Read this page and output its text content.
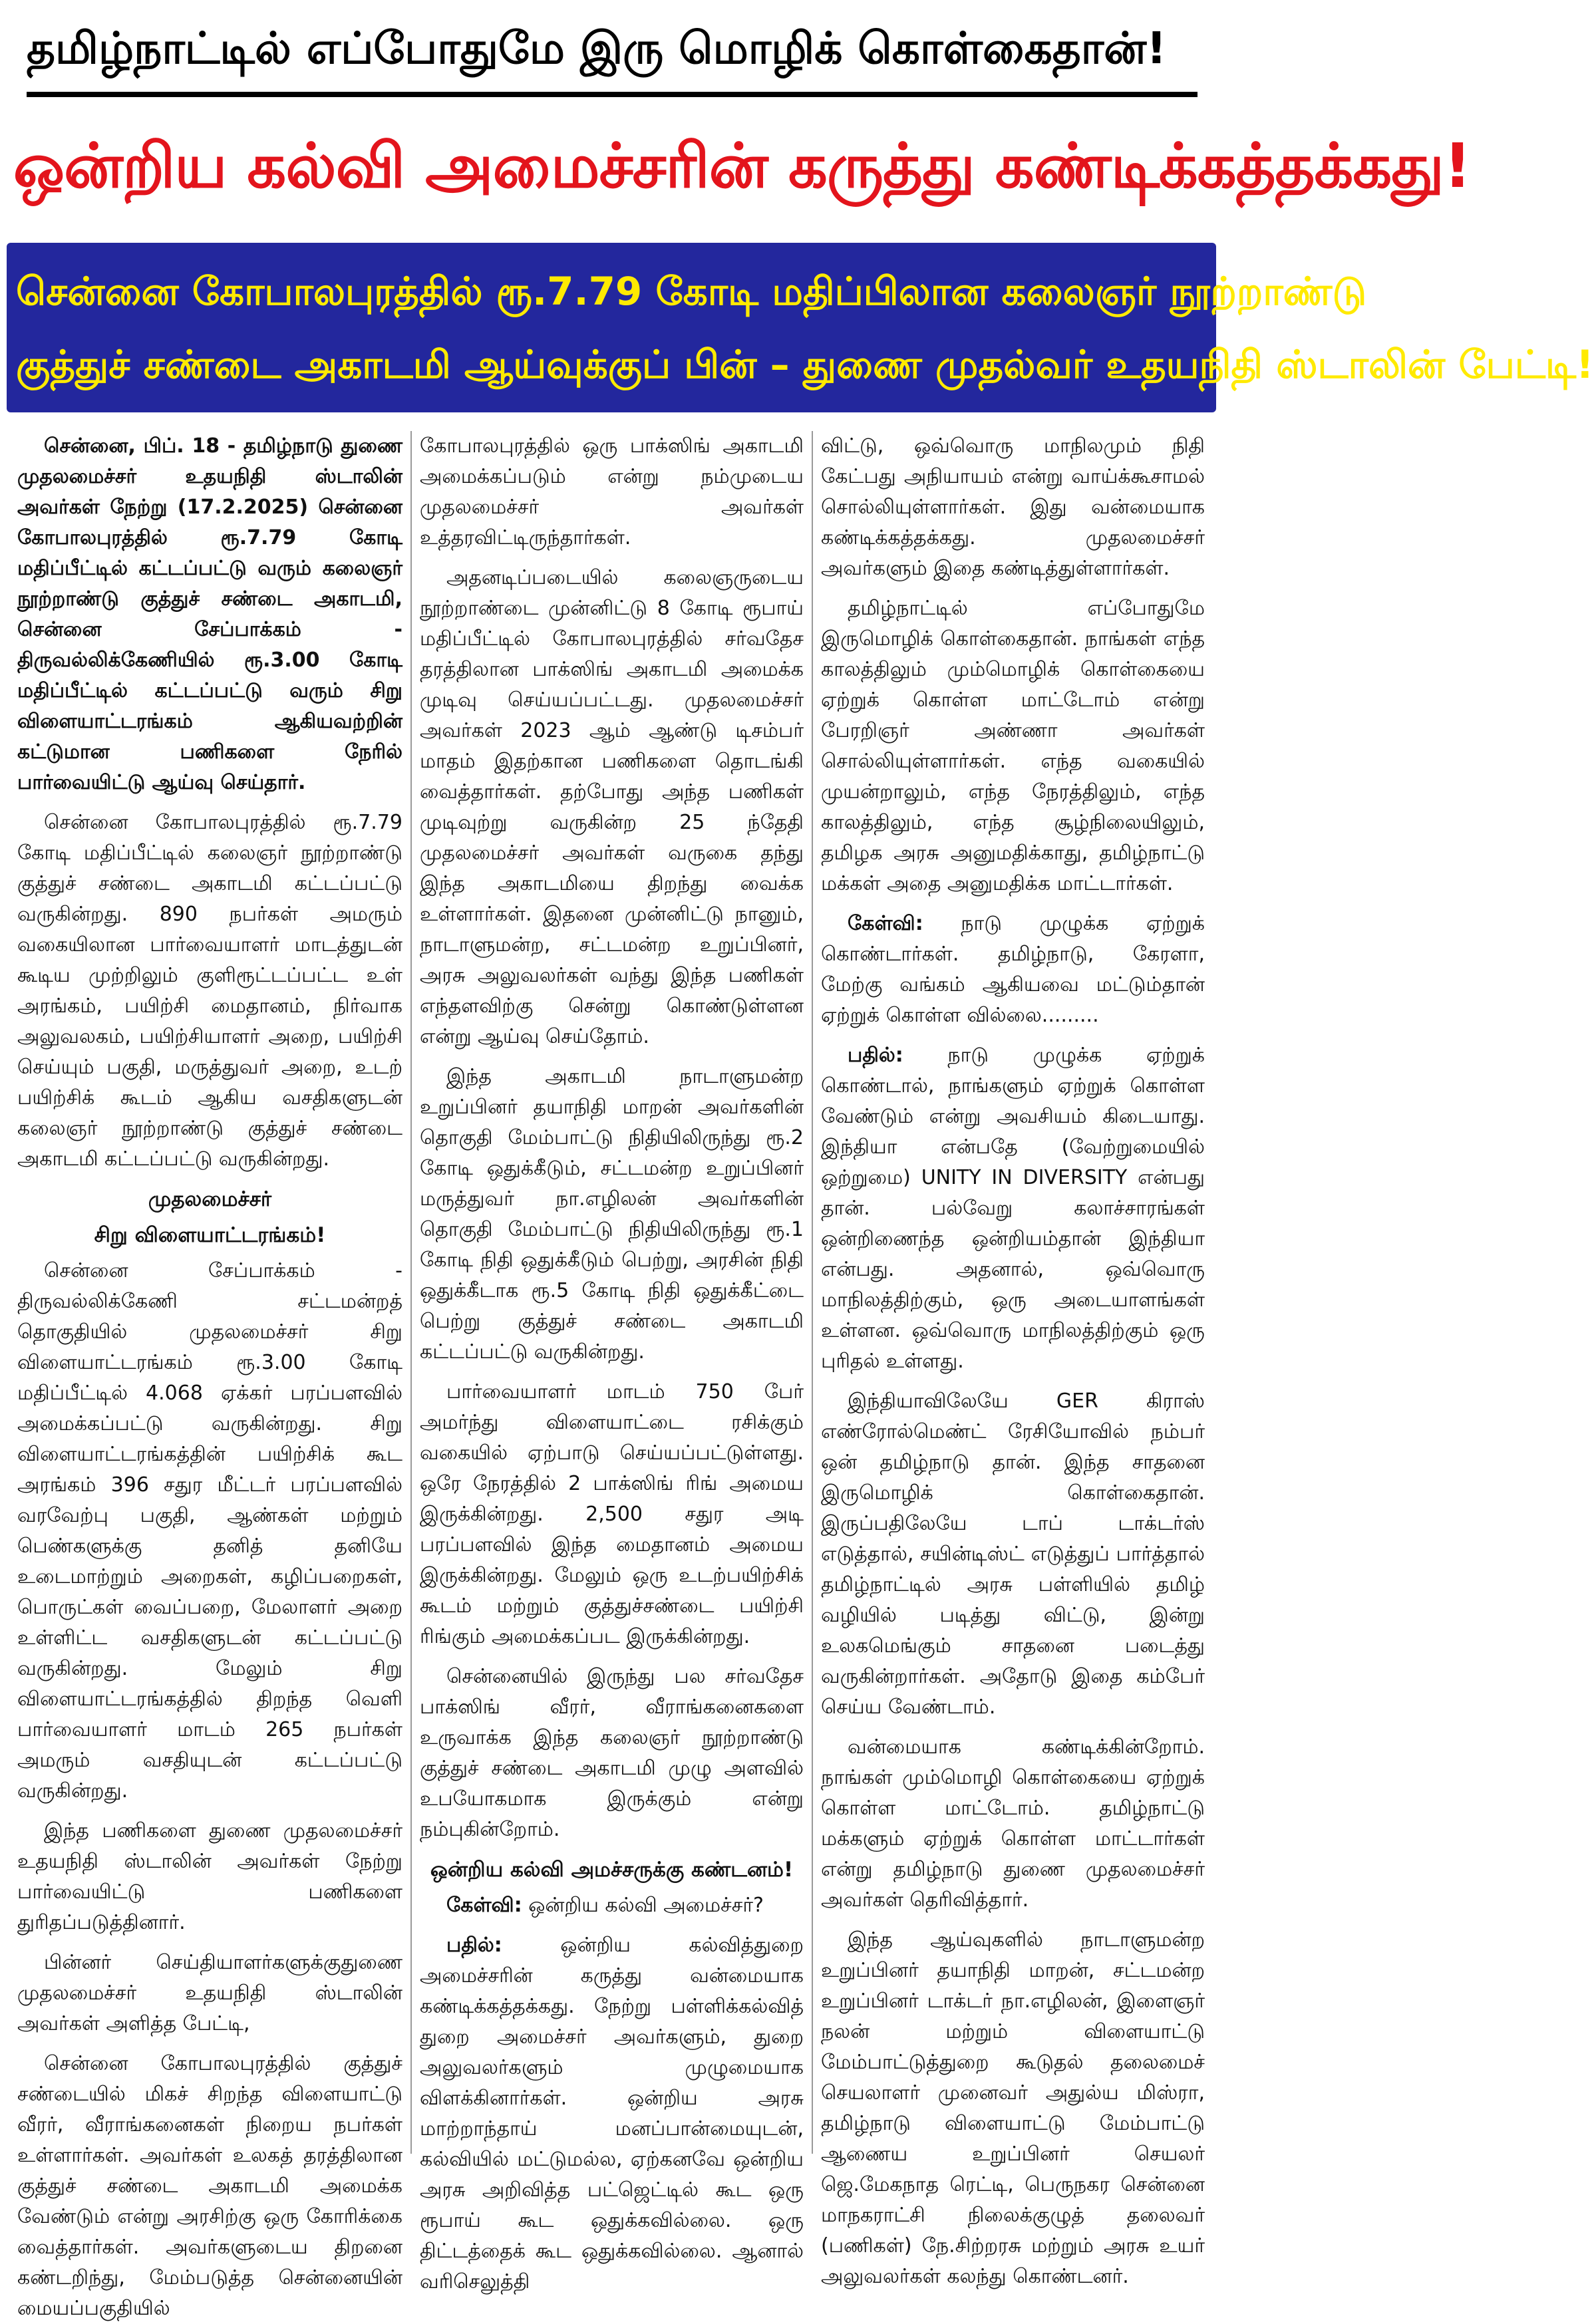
தமிழ்நாட்டில் எப்போதுமே இரு மொழிக் கொள்கைதான்!
ஒன்றிய கல்வி அமைச்சரின் கருத்து கண்டிக்கத்தக்கது!
சென்னை கோபாலபுரத்தில் ரூ.7.79 கோடி மதிப்பிலான கலைஞர் நூற்றாண்டு
குத்துச் சண்டை அகாடமி ஆய்வுக்குப் பின் – துணை முதல்வர் உதயநிதி ஸ்டாலின் பேட்டி!

சென்னை, பிப். 18 - தமிழ்நாடு துணை முதலமைச்சர் உதயநிதி ஸ்டாலின் அவர்கள் நேற்று (17.2.2025) சென்னை கோபாலபுரத்தில் ரூ.7.79 கோடி மதிப்பீட்டில் கட்டப்பட்டு வரும் கலைஞர் நூற்றாண்டு குத்துச் சண்டை அகாடமி, சென்னை சேப்பாக்கம் - திருவல்லிக்கேணியில் ரூ.3.00 கோடி மதிப்பீட்டில் கட்டப்பட்டு வரும் சிறு விளையாட்டரங்கம் ஆகியவற்றின் கட்டுமான பணிகளை நேரில் பார்வையிட்டு ஆய்வு செய்தார்.

சென்னை கோபாலபுரத்தில் ரூ.7.79 கோடி மதிப்பீட்டில் கலைஞர் நூற்றாண்டு குத்துச் சண்டை அகாடமி கட்டப்பட்டு வருகின்றது. 890 நபர்கள் அமரும் வகையிலான பார்வையாளர் மாடத்துடன் கூடிய முற்றிலும் குளிரூட்டப்பட்ட உள் அரங்கம், பயிற்சி மைதானம், நிர்வாக அலுவலகம், பயிற்சியாளர் அறை, பயிற்சி செய்யும் பகுதி, மருத்துவர் அறை, உடற் பயிற்சிக் கூடம் ஆகிய வசதிகளுடன் கலைஞர் நூற்றாண்டு குத்துச் சண்டை அகாடமி கட்டப்பட்டு வருகின்றது.

முதலமைச்சர்
சிறு விளையாட்டரங்கம்!

சென்னை சேப்பாக்கம் - திருவல்லிக்கேணி சட்டமன்றத் தொகுதியில் முதலமைச்சர் சிறு விளையாட்டரங்கம் ரூ.3.00 கோடி மதிப்பீட்டில் 4.068 ஏக்கர் பரப்பளவில் அமைக்கப்பட்டு வருகின்றது. சிறு விளையாட்டரங்கத்தின் பயிற்சிக் கூட அரங்கம் 396 சதுர மீட்டர் பரப்பளவில் வரவேற்பு பகுதி, ஆண்கள் மற்றும் பெண்களுக்கு தனித் தனியே உடைமாற்றும் அறைகள், கழிப்பறைகள், பொருட்கள் வைப்பறை, மேலாளர் அறை உள்ளிட்ட வசதிகளுடன் கட்டப்பட்டு வருகின்றது. மேலும் சிறு விளையாட்டரங்கத்தில் திறந்த வெளி பார்வையாளர் மாடம் 265 நபர்கள் அமரும் வசதியுடன் கட்டப்பட்டு வருகின்றது.

இந்த பணிகளை துணை முதலமைச்சர் உதயநிதி ஸ்டாலின் அவர்கள் நேற்று பார்வையிட்டு பணிகளை துரிதப்படுத்தினார்.

பின்னர் செய்தியாளர்களுக்குதுணை முதலமைச்சர் உதயநிதி ஸ்டாலின் அவர்கள் அளித்த பேட்டி,

சென்னை கோபாலபுரத்தில் குத்துச் சண்டையில் மிகச் சிறந்த விளையாட்டு வீரர், வீராங்கனைகள் நிறைய நபர்கள் உள்ளார்கள். அவர்கள் உலகத் தரத்திலான குத்துச் சண்டை அகாடமி அமைக்க வேண்டும் என்று அரசிற்கு ஒரு கோரிக்கை வைத்தார்கள். அவர்களுடைய திறனை கண்டறிந்து, மேம்படுத்த சென்னையின் மையப்பகுதியில்

கோபாலபுரத்தில் ஒரு பாக்ஸிங் அகாடமி அமைக்கப்படும் என்று நம்முடைய முதலமைச்சர் அவர்கள் உத்தரவிட்டிருந்தார்கள்.

அதனடிப்படையில் கலைஞருடைய நூற்றாண்டை முன்னிட்டு 8 கோடி ரூபாய் மதிப்பீட்டில் கோபாலபுரத்தில் சர்வதேச தரத்திலான பாக்ஸிங் அகாடமி அமைக்க முடிவு செய்யப்பட்டது. முதலமைச்சர் அவர்கள் 2023 ஆம் ஆண்டு டிசம்பர் மாதம் இதற்கான பணிகளை தொடங்கி வைத்தார்கள். தற்போது அந்த பணிகள் முடிவுற்று வருகின்ற 25 ந்தேதி முதலமைச்சர் அவர்கள் வருகை தந்து இந்த அகாடமியை திறந்து வைக்க உள்ளார்கள். இதனை முன்னிட்டு நானும், நாடாளுமன்ற, சட்டமன்ற உறுப்பினர், அரசு அலுவலர்கள் வந்து இந்த பணிகள் எந்தளவிற்கு சென்று கொண்டுள்ளன என்று ஆய்வு செய்தோம்.

இந்த அகாடமி நாடாளுமன்ற உறுப்பினர் தயாநிதி மாறன் அவர்களின் தொகுதி மேம்பாட்டு நிதியிலிருந்து ரூ.2 கோடி ஒதுக்கீடும், சட்டமன்ற உறுப்பினர் மருத்துவர் நா.எழிலன் அவர்களின் தொகுதி மேம்பாட்டு நிதியிலிருந்து ரூ.1 கோடி நிதி ஒதுக்கீடும் பெற்று, அரசின் நிதி ஒதுக்கீடாக ரூ.5 கோடி நிதி ஒதுக்கீட்டை பெற்று குத்துச் சண்டை அகாடமி கட்டப்பட்டு வருகின்றது.

பார்வையாளர் மாடம் 750 பேர் அமர்ந்து விளையாட்டை ரசிக்கும் வகையில் ஏற்பாடு செய்யப்பட்டுள்ளது. ஒரே நேரத்தில் 2 பாக்ஸிங் ரிங் அமைய இருக்கின்றது. 2,500 சதுர அடி பரப்பளவில் இந்த மைதானம் அமைய இருக்கின்றது. மேலும் ஒரு உடற்பயிற்சிக் கூடம் மற்றும் குத்துச்சண்டை பயிற்சி ரிங்கும் அமைக்கப்பட இருக்கின்றது.

சென்னையில் இருந்து பல சர்வதேச பாக்ஸிங் வீரர், வீராங்கனைகளை உருவாக்க இந்த கலைஞர் நூற்றாண்டு குத்துச் சண்டை அகாடமி முழு அளவில் உபயோகமாக இருக்கும் என்று நம்புகின்றோம்.

ஒன்றிய கல்வி அமச்சருக்கு கண்டனம்!

கேள்வி: ஒன்றிய கல்வி அமைச்சர்?

பதில்:	ஒன்றிய கல்வித்துறை அமைச்சரின் கருத்து வன்மையாக கண்டிக்கத்தக்கது. நேற்று பள்ளிக்கல்வித் துறை அமைச்சர் அவர்களும், துறை அலுவலர்களும் முழுமையாக விளக்கினார்கள். ஒன்றிய அரசு மாற்றாந்தாய் மனப்பான்மையுடன், கல்வியில் மட்டுமல்ல, ஏற்கனவே ஒன்றிய அரசு அறிவித்த பட்ஜெட்டில் கூட ஒரு ரூபாய் கூட ஒதுக்கவில்லை. ஒரு திட்டத்தைக் கூட ஒதுக்கவில்லை. ஆனால் வரிசெலுத்தி

விட்டு, ஒவ்வொரு மாநிலமும் நிதி கேட்பது அநியாயம் என்று வாய்க்கூசாமல் சொல்லியுள்ளார்கள். இது வன்மையாக கண்டிக்கத்தக்கது. முதலமைச்சர் அவர்களும் இதை கண்டித்துள்ளார்கள்.

தமிழ்நாட்டில் எப்போதுமே இருமொழிக் கொள்கைதான். நாங்கள் எந்த காலத்திலும் மும்மொழிக் கொள்கையை ஏற்றுக் கொள்ள மாட்டோம் என்று பேரறிஞர் அண்ணா அவர்கள் சொல்லியுள்ளார்கள். எந்த வகையில் முயன்றாலும், எந்த நேரத்திலும், எந்த காலத்திலும், எந்த சூழ்நிலையிலும், தமிழக அரசு அனுமதிக்காது, தமிழ்நாட்டு மக்கள் அதை அனுமதிக்க மாட்டார்கள்.

கேள்வி: நாடு முழுக்க ஏற்றுக் கொண்டார்கள். தமிழ்நாடு, கேரளா, மேற்கு வங்கம் ஆகியவை மட்டும்தான் ஏற்றுக் கொள்ள வில்லை.........

பதில்: நாடு முழுக்க ஏற்றுக் கொண்டால், நாங்களும் ஏற்றுக் கொள்ள வேண்டும் என்று அவசியம் கிடையாது. இந்தியா என்பதே (வேற்றுமையில் ஒற்றுமை) UNITY IN DIVERSITY என்பது தான். பல்வேறு கலாச்சாரங்கள் ஒன்றிணைந்த ஒன்றியம்தான் இந்தியா என்பது. அதனால், ஒவ்வொரு மாநிலத்திற்கும், ஒரு அடையாளங்கள் உள்ளன. ஒவ்வொரு மாநிலத்திற்கும் ஒரு புரிதல் உள்ளது.

இந்தியாவிலேயே GER கிராஸ் எண்ரோல்மெண்ட் ரேசியோவில் நம்பர் ஒன் தமிழ்நாடு தான். இந்த சாதனை இருமொழிக் கொள்கைதான். இருப்பதிலேயே டாப் டாக்டர்ஸ் எடுத்தால், சயின்டிஸ்ட் எடுத்துப் பார்த்தால் தமிழ்நாட்டில் அரசு பள்ளியில் தமிழ் வழியில் படித்து விட்டு, இன்று உலகமெங்கும் சாதனை படைத்து வருகின்றார்கள். அதோடு இதை கம்பேர் செய்ய வேண்டாம்.

வன்மையாக கண்டிக்கின்றோம். நாங்கள் மும்மொழி கொள்கையை ஏற்றுக் கொள்ள மாட்டோம். தமிழ்நாட்டு மக்களும் ஏற்றுக் கொள்ள மாட்டார்கள் என்று தமிழ்நாடு துணை முதலமைச்சர் அவர்கள் தெரிவித்தார்.

இந்த ஆய்வுகளில் நாடாளுமன்ற உறுப்பினர் தயாநிதி மாறன், சட்டமன்ற உறுப்பினர் டாக்டர் நா.எழிலன், இளைஞர் நலன் மற்றும் விளையாட்டு மேம்பாட்டுத்துறை கூடுதல் தலைமைச் செயலாளர் முனைவர் அதுல்ய மிஸ்ரா, தமிழ்நாடு விளையாட்டு மேம்பாட்டு ஆணைய உறுப்பினர் செயலர் ஜெ.மேகநாத ரெட்டி, பெருநகர சென்னை மாநகராட்சி நிலைக்குழுத் தலைவர் (பணிகள்) நே.சிற்றரசு மற்றும் அரசு உயர் அலுவலர்கள் கலந்து கொண்டனர்.
